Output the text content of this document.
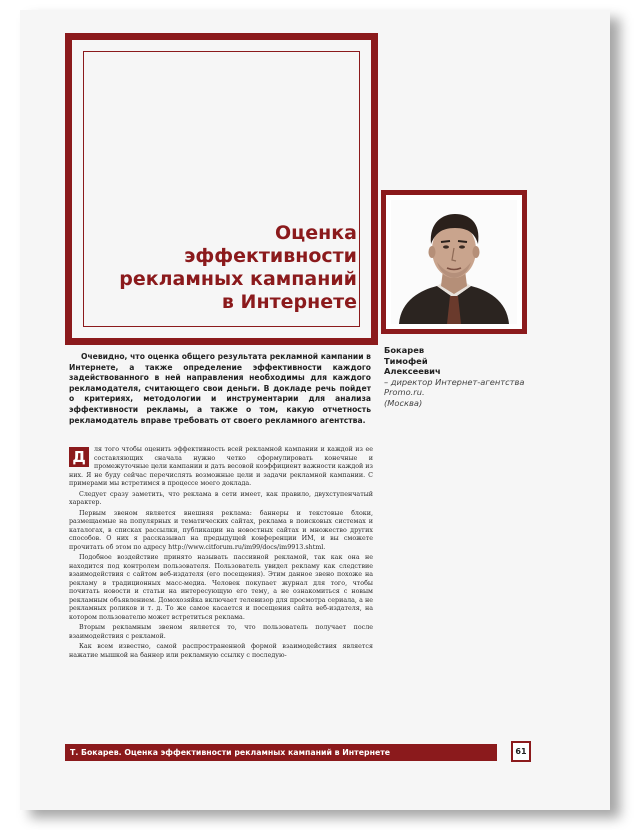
Оценка
эффективности
рекламных кампаний
в Интернете
Бокарев
Тимофей
Алексеевич
– директор Интернет-агентства
Promo.ru.
(Москва)
Очевидно, что оценка общего результата рекламной кампании в Интернете, а также определение эффективности каждого задействованного в ней направления необходимы для каждого рекламодателя, считающего свои деньги. В докладе речь пойдет о критериях, методологии и инструментарии для анализа эффективности рекламы, а также о том, какую отчетность рекламодатель вправе требовать от своего рекламного агентства.

Д	ля того чтобы оценить эффективность всей рекламной кампании и каждой из ее составляющих сначала нужно четко сформулировать конечные и промежуточные цели кампании и дать весовой коэффициент важности каждой из них. Я не буду сейчас перечислять возможные цели и задачи рекламной кампании. С примерами мы встретимся в процессе моего доклада.

Следует сразу заметить, что реклама в сети имеет, как правило, двухступенчатый характер.

Первым звеном является внешняя реклама: баннеры и текстовые блоки, размещаемые на популярных и тематических сайтах, реклама в поисковых системах и каталогах, в списках рассылки, публикации на новостных сайтах и множество других способов. О них я рассказывал на предыдущей конференции ИМ, и вы сможете прочитать об этом по адресу http://www.citforum.ru/im99/docs/im9913.shtml.

Подобное воздействие принято называть пассивной рекламой, так как она не находится под контролем пользователя. Пользователь увидел рекламу как следствие взаимодействия с сайтом веб-издателя (его посещения). Этим данное звено похоже на рекламу в традиционных масс-медиа. Человек покупает журнал для того, чтобы почитать новости и статьи на интересующую его тему, а не ознакомиться с новым рекламным объявлением. Домохозяйка включает телевизор для просмотра сериала, а не рекламных роликов и т. д. То же самое касается и посещения сайта веб-издателя, на котором пользователю может встретиться реклама.

Вторым рекламным звеном является то, что пользователь получает после взаимодействия с рекламой.

Как всем известно, самой распространенной формой взаимодействия является нажатие мышкой на баннер или рекламную ссылку с последую-

Т. Бокарев. Оценка эффективности рекламных кампаний в Интернете	61
